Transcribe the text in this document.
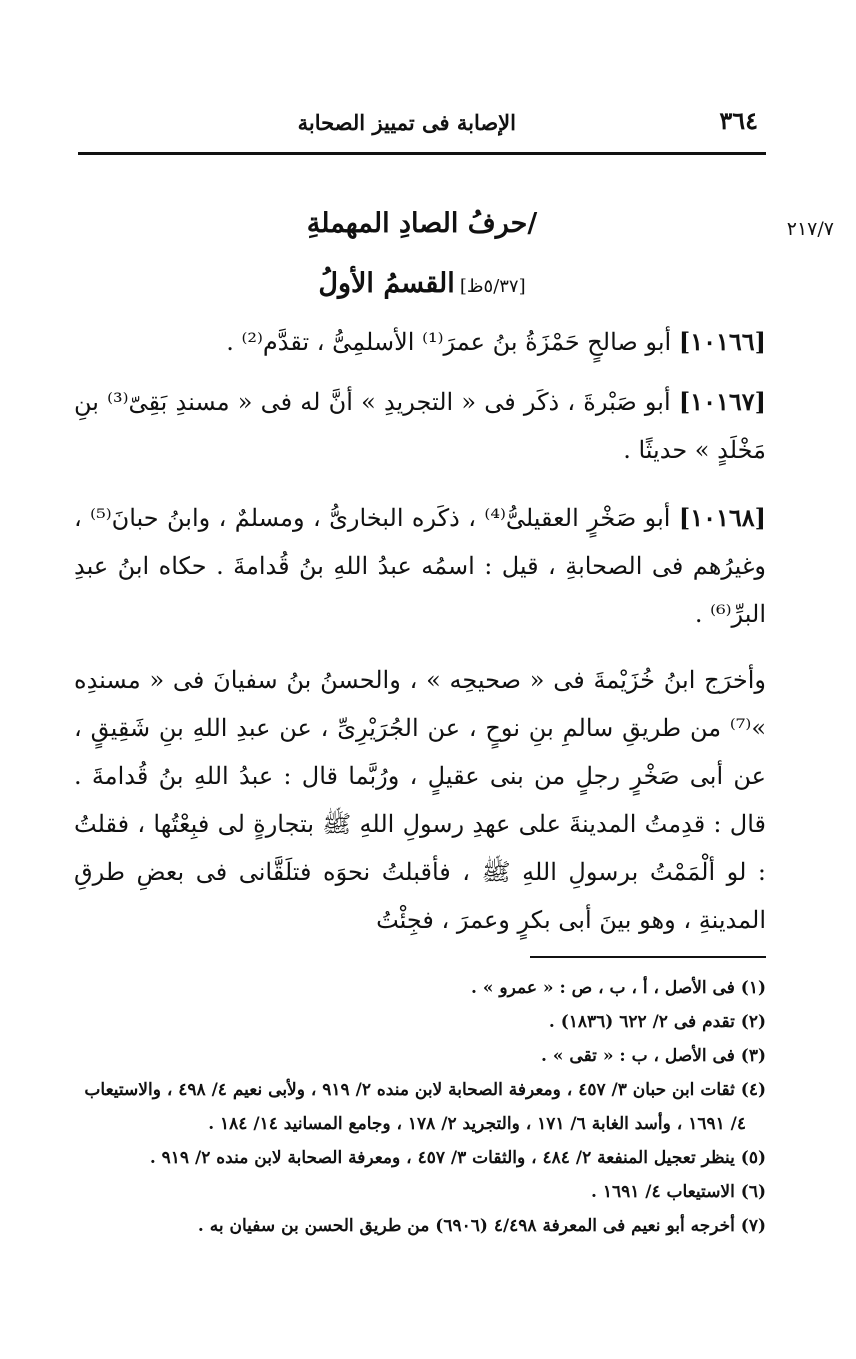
٣٦٤
الإصابة فى تمييز الصحابة
٢١٧/٧
/حرفُ الصادِ المهملةِ
[٥/٣٧ظ] القسمُ الأولُ
[١٠١٦٦] أبو صالحٍ حَمْزَةُ بنُ عمرَ⁽¹⁾ الأسلمِىُّ ، تقدَّم⁽²⁾ .
[١٠١٦٧] أبو صَبْرةَ ، ذكَر فى « التجريدِ » أنَّ له فى « مسندِ بَقِىّ⁽³⁾ بنِ مَخْلَدٍ » حديثًا .
[١٠١٦٨] أبو صَخْرٍ العقيلىُّ⁽⁴⁾ ، ذكَره البخارىُّ ، ومسلمٌ ، وابنُ حبانَ⁽⁵⁾ ، وغيرُهم فى الصحابةِ ، قيل : اسمُه عبدُ اللهِ بنُ قُدامةَ . حكاه ابنُ عبدِ البرِّ⁽⁶⁾ .
وأخرَج ابنُ خُزَيْمةَ فى « صحيحِه » ، والحسنُ بنُ سفيانَ فى « مسندِه »⁽⁷⁾ من طريقِ سالمِ بنِ نوحٍ ، عن الجُرَيْرِىِّ ، عن عبدِ اللهِ بنِ شَقِيقٍ ، عن أبى صَخْرٍ رجلٍ من بنى عقيلٍ ، ورُبَّما قال : عبدُ اللهِ بنُ قُدامةَ . قال : قدِمتُ المدينةَ على عهدِ رسولِ اللهِ ﷺ بتجارةٍ لى فبِعْتُها ، فقلتُ : لو ألْمَمْتُ برسولِ اللهِ ﷺ ، فأقبلتُ نحوَه فتلَقَّانى فى بعضِ طرقِ المدينةِ ، وهو بينَ أبى بكرٍ وعمرَ ، فجِئْتُ

(١) فى الأصل ، أ ، ب ، ص : « عمرو » .

(٢) تقدم فى ٢/ ٦٢٢ (١٨٣٦) .

(٣) فى الأصل ، ب : « تقى » .

(٤) ثقات ابن حبان ٣/ ٤٥٧ ، ومعرفة الصحابة لابن منده ٢/ ٩١٩ ، ولأبى نعيم ٤/ ٤٩٨ ، والاستيعاب

٤/ ١٦٩١ ، وأسد الغابة ٦/ ١٧١ ، والتجريد ٢/ ١٧٨ ، وجامع المسانيد ١٤/ ١٨٤ .

(٥) ينظر تعجيل المنفعة ٢/ ٤٨٤ ، والثقات ٣/ ٤٥٧ ، ومعرفة الصحابة لابن منده ٢/ ٩١٩ .

(٦) الاستيعاب ٤/ ١٦٩١ .

(٧) أخرجه أبو نعيم فى المعرفة ٤/٤٩٨ (٦٩٠٦) من طريق الحسن بن سفيان به .
